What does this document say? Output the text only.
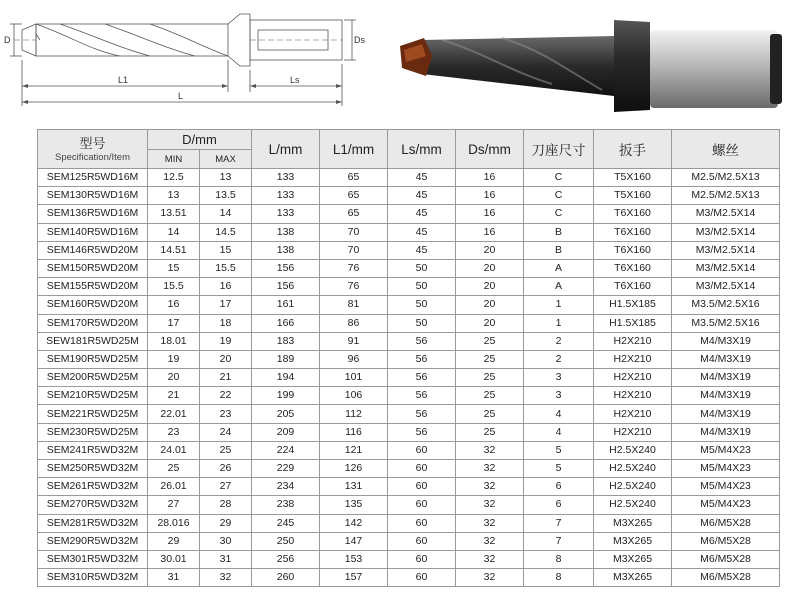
D	Ds
L1	Ls
L
型号
Specification/Item	D/mm		L/mm	L1/mm	Ls/mm	Ds/mm	刀座尺寸	扳手	螺丝
	MIN	MAX							
SEM125R5WD16M	12.5	13	133	65	45	16	C	T5X160	M2.5/M2.5X13
SEM130R5WD16M	13	13.5	133	65	45	16	C	T5X160	M2.5/M2.5X13
SEM136R5WD16M	13.51	14	133	65	45	16	C	T6X160	M3/M2.5X14
SEM140R5WD16M	14	14.5	138	70	45	16	B	T6X160	M3/M2.5X14
SEM146R5WD20M	14.51	15	138	70	45	20	B	T6X160	M3/M2.5X14
SEM150R5WD20M	15	15.5	156	76	50	20	A	T6X160	M3/M2.5X14
SEM155R5WD20M	15.5	16	156	76	50	20	A	T6X160	M3/M2.5X14
SEM160R5WD20M	16	17	161	81	50	20	1	H1.5X185	M3.5/M2.5X16
SEM170R5WD20M	17	18	166	86	50	20	1	H1.5X185	M3.5/M2.5X16
SEW181R5WD25M	18.01	19	183	91	56	25	2	H2X210	M4/M3X19
SEM190R5WD25M	19	20	189	96	56	25	2	H2X210	M4/M3X19
SEM200R5WD25M	20	21	194	101	56	25	3	H2X210	M4/M3X19
SEM210R5WD25M	21	22	199	106	56	25	3	H2X210	M4/M3X19
SEM221R5WD25M	22.01	23	205	112	56	25	4	H2X210	M4/M3X19
SEM230R5WD25M	23	24	209	116	56	25	4	H2X210	M4/M3X19
SEM241R5WD32M	24.01	25	224	121	60	32	5	H2.5X240	M5/M4X23
SEM250R5WD32M	25	26	229	126	60	32	5	H2.5X240	M5/M4X23
SEM261R5WD32M	26.01	27	234	131	60	32	6	H2.5X240	M5/M4X23
SEM270R5WD32M	27	28	238	135	60	32	6	H2.5X240	M5/M4X23
SEM281R5WD32M	28.016	29	245	142	60	32	7	M3X265	M6/M5X28
SEM290R5WD32M	29	30	250	147	60	32	7	M3X265	M6/M5X28
SEM301R5WD32M	30.01	31	256	153	60	32	8	M3X265	M6/M5X28
SEM310R5WD32M	31	32	260	157	60	32	8	M3X265	M6/M5X28
